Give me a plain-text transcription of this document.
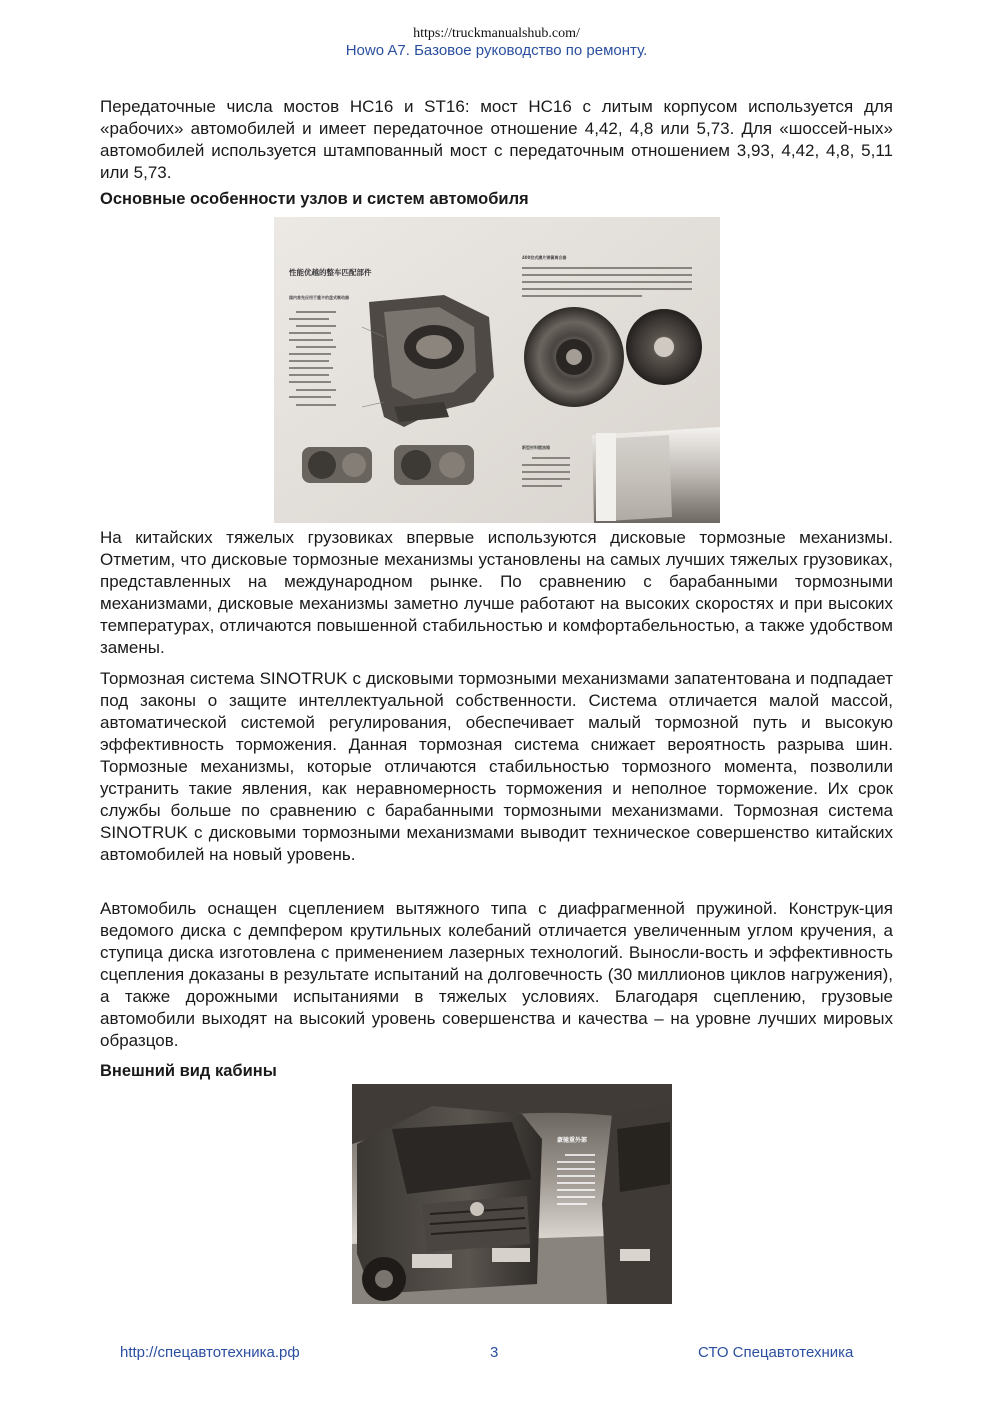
https://truckmanualshub.com/
Howo A7. Базовое руководство по ремонту.

Передаточные числа мостов HC16 и ST16: мост HC16 с литым корпусом используется для «рабочих» автомобилей и имеет передаточное отношение 4,42, 4,8 или 5,73. Для «шоссей-ных» автомобилей используется штампованный мост с передаточным отношением 3,93, 4,42, 4,8, 5,11 или 5,73.

Основные особенности узлов и систем автомобиля

性能优越的整车匹配部件
国内首先应用于重卡的盘式制动器
400拉式膜片弹簧离合器
新型材料燃油箱

На китайских тяжелых грузовиках впервые используются дисковые тормозные механизмы. Отметим, что дисковые тормозные механизмы установлены на самых лучших тяжелых грузовиках, представленных на международном рынке. По сравнению с барабанными тормозными механизмами, дисковые механизмы заметно лучше работают на высоких скоростях и при высоких температурах, отличаются повышенной стабильностью и комфортабельностью, а также удобством замены.

Тормозная система SINOTRUK с дисковыми тормозными механизмами запатентована и подпадает под законы о защите интеллектуальной собственности. Система отличается малой массой, автоматической системой регулирования, обеспечивает малый тормозной путь и высокую эффективность торможения. Данная тормозная система снижает вероятность разрыва шин. Тормозные механизмы, которые отличаются стабильностью тормозного момента, позволили устранить такие явления, как неравномерность торможения и неполное торможение. Их срок службы больше по сравнению с барабанными тормозными механизмами. Тормозная система SINOTRUK с дисковыми тормозными механизмами выводит техническое совершенство китайских автомобилей на новый уровень.

Автомобиль оснащен сцеплением вытяжного типа с диафрагменной пружиной. Конструк-ция ведомого диска с демпфером крутильных колебаний отличается увеличенным углом кручения, а ступица диска изготовлена с применением лазерных технологий. Выносли-вость и эффективность сцепления доказаны в результате испытаний на долговечность (30 миллионов циклов нагружения), а также дорожными испытаниями в тяжелых условиях. Благодаря сцеплению, грузовые автомобили выходят на высокий уровень совершенства и качества – на уровне лучших мировых образцов.

Внешний вид кабины

豪驰重外部
http://спецавтотехника.рф	3	СТО Спецавтотехника
